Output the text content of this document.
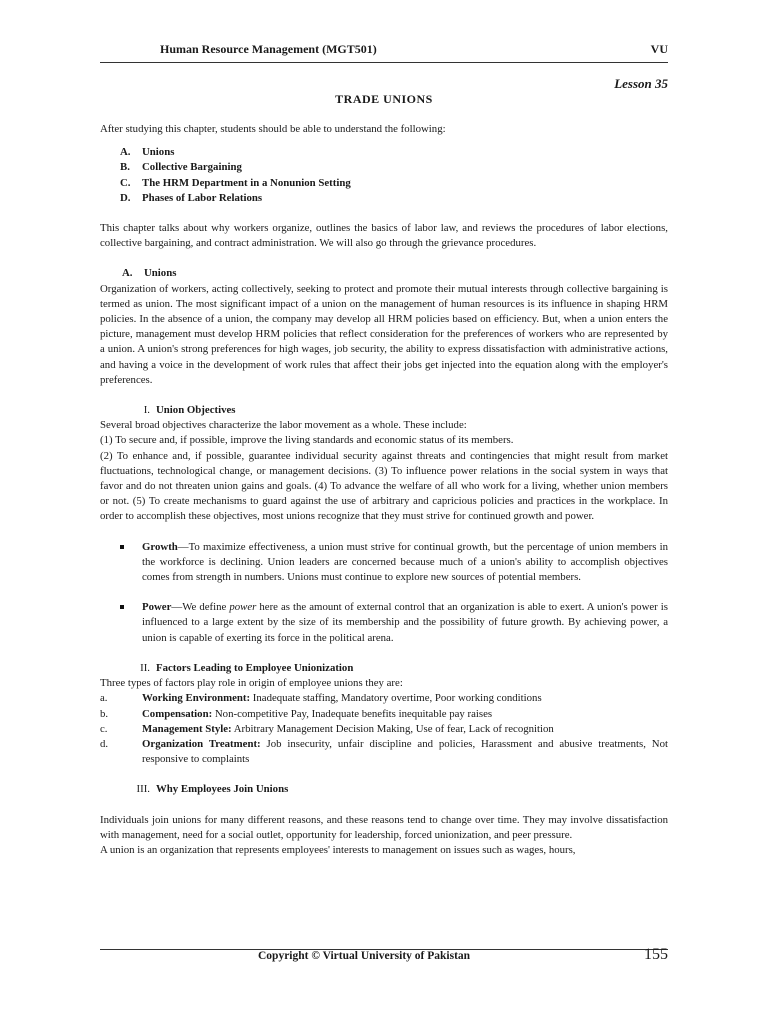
Human Resource Management (MGT501)	VU
Lesson 35
TRADE UNIONS

After studying this chapter, students should be able to understand the following:

A. Unions
B. Collective Bargaining
C. The HRM Department in a Nonunion Setting
D. Phases of Labor Relations

This chapter talks about why workers organize, outlines the basics of labor law, and reviews the procedures of labor elections, collective bargaining, and contract administration. We will also go through the grievance procedures.

A. Unions

Organization of workers, acting collectively, seeking to protect and promote their mutual interests through collective bargaining is termed as union. The most significant impact of a union on the management of human resources is its influence in shaping HRM policies. In the absence of a union, the company may develop all HRM policies based on efficiency. But, when a union enters the picture, management must develop HRM policies that reflect consideration for the preferences of workers who are represented by a union. A union's strong preferences for high wages, job security, the ability to express dissatisfaction with administrative actions, and having a voice in the development of work rules that affect their jobs get injected into the equation along with the employer's preferences.

I. Union Objectives

Several broad objectives characterize the labor movement as a whole. These include:

(1) To secure and, if possible, improve the living standards and economic status of its members.

(2) To enhance and, if possible, guarantee individual security against threats and contingencies that might result from market fluctuations, technological change, or management decisions. (3) To influence power relations in the social system in ways that favor and do not threaten union gains and goals. (4) To advance the welfare of all who work for a living, whether union members or not. (5) To create mechanisms to guard against the use of arbitrary and capricious policies and practices in the workplace. In order to accomplish these objectives, most unions recognize that they must strive for continued growth and power.

Growth—To maximize effectiveness, a union must strive for continual growth, but the percentage of union members in the workforce is declining. Union leaders are concerned because much of a union's ability to accomplish objectives comes from strength in numbers. Unions must continue to explore new sources of potential members.
Power—We define power here as the amount of external control that an organization is able to exert. A union's power is influenced to a large extent by the size of its membership and the possibility of future growth. By achieving power, a union is capable of exerting its force in the political arena.
II. Factors Leading to Employee Unionization

Three types of factors play role in origin of employee unions they are:

a.	Working Environment: Inadequate staffing, Mandatory overtime, Poor working conditions
b.	Compensation: Non-competitive Pay, Inadequate benefits inequitable pay raises
c.	Management Style: Arbitrary Management Decision Making, Use of fear, Lack of recognition
d.	Organization Treatment: Job insecurity, unfair discipline and policies, Harassment and abusive treatments, Not responsive to complaints
III. Why Employees Join Unions

Individuals join unions for many different reasons, and these reasons tend to change over time. They may involve dissatisfaction with management, need for a social outlet, opportunity for leadership, forced unionization, and peer pressure.

A union is an organization that represents employees' interests to management on issues such as wages, hours,

Copyright © Virtual University of Pakistan	155
